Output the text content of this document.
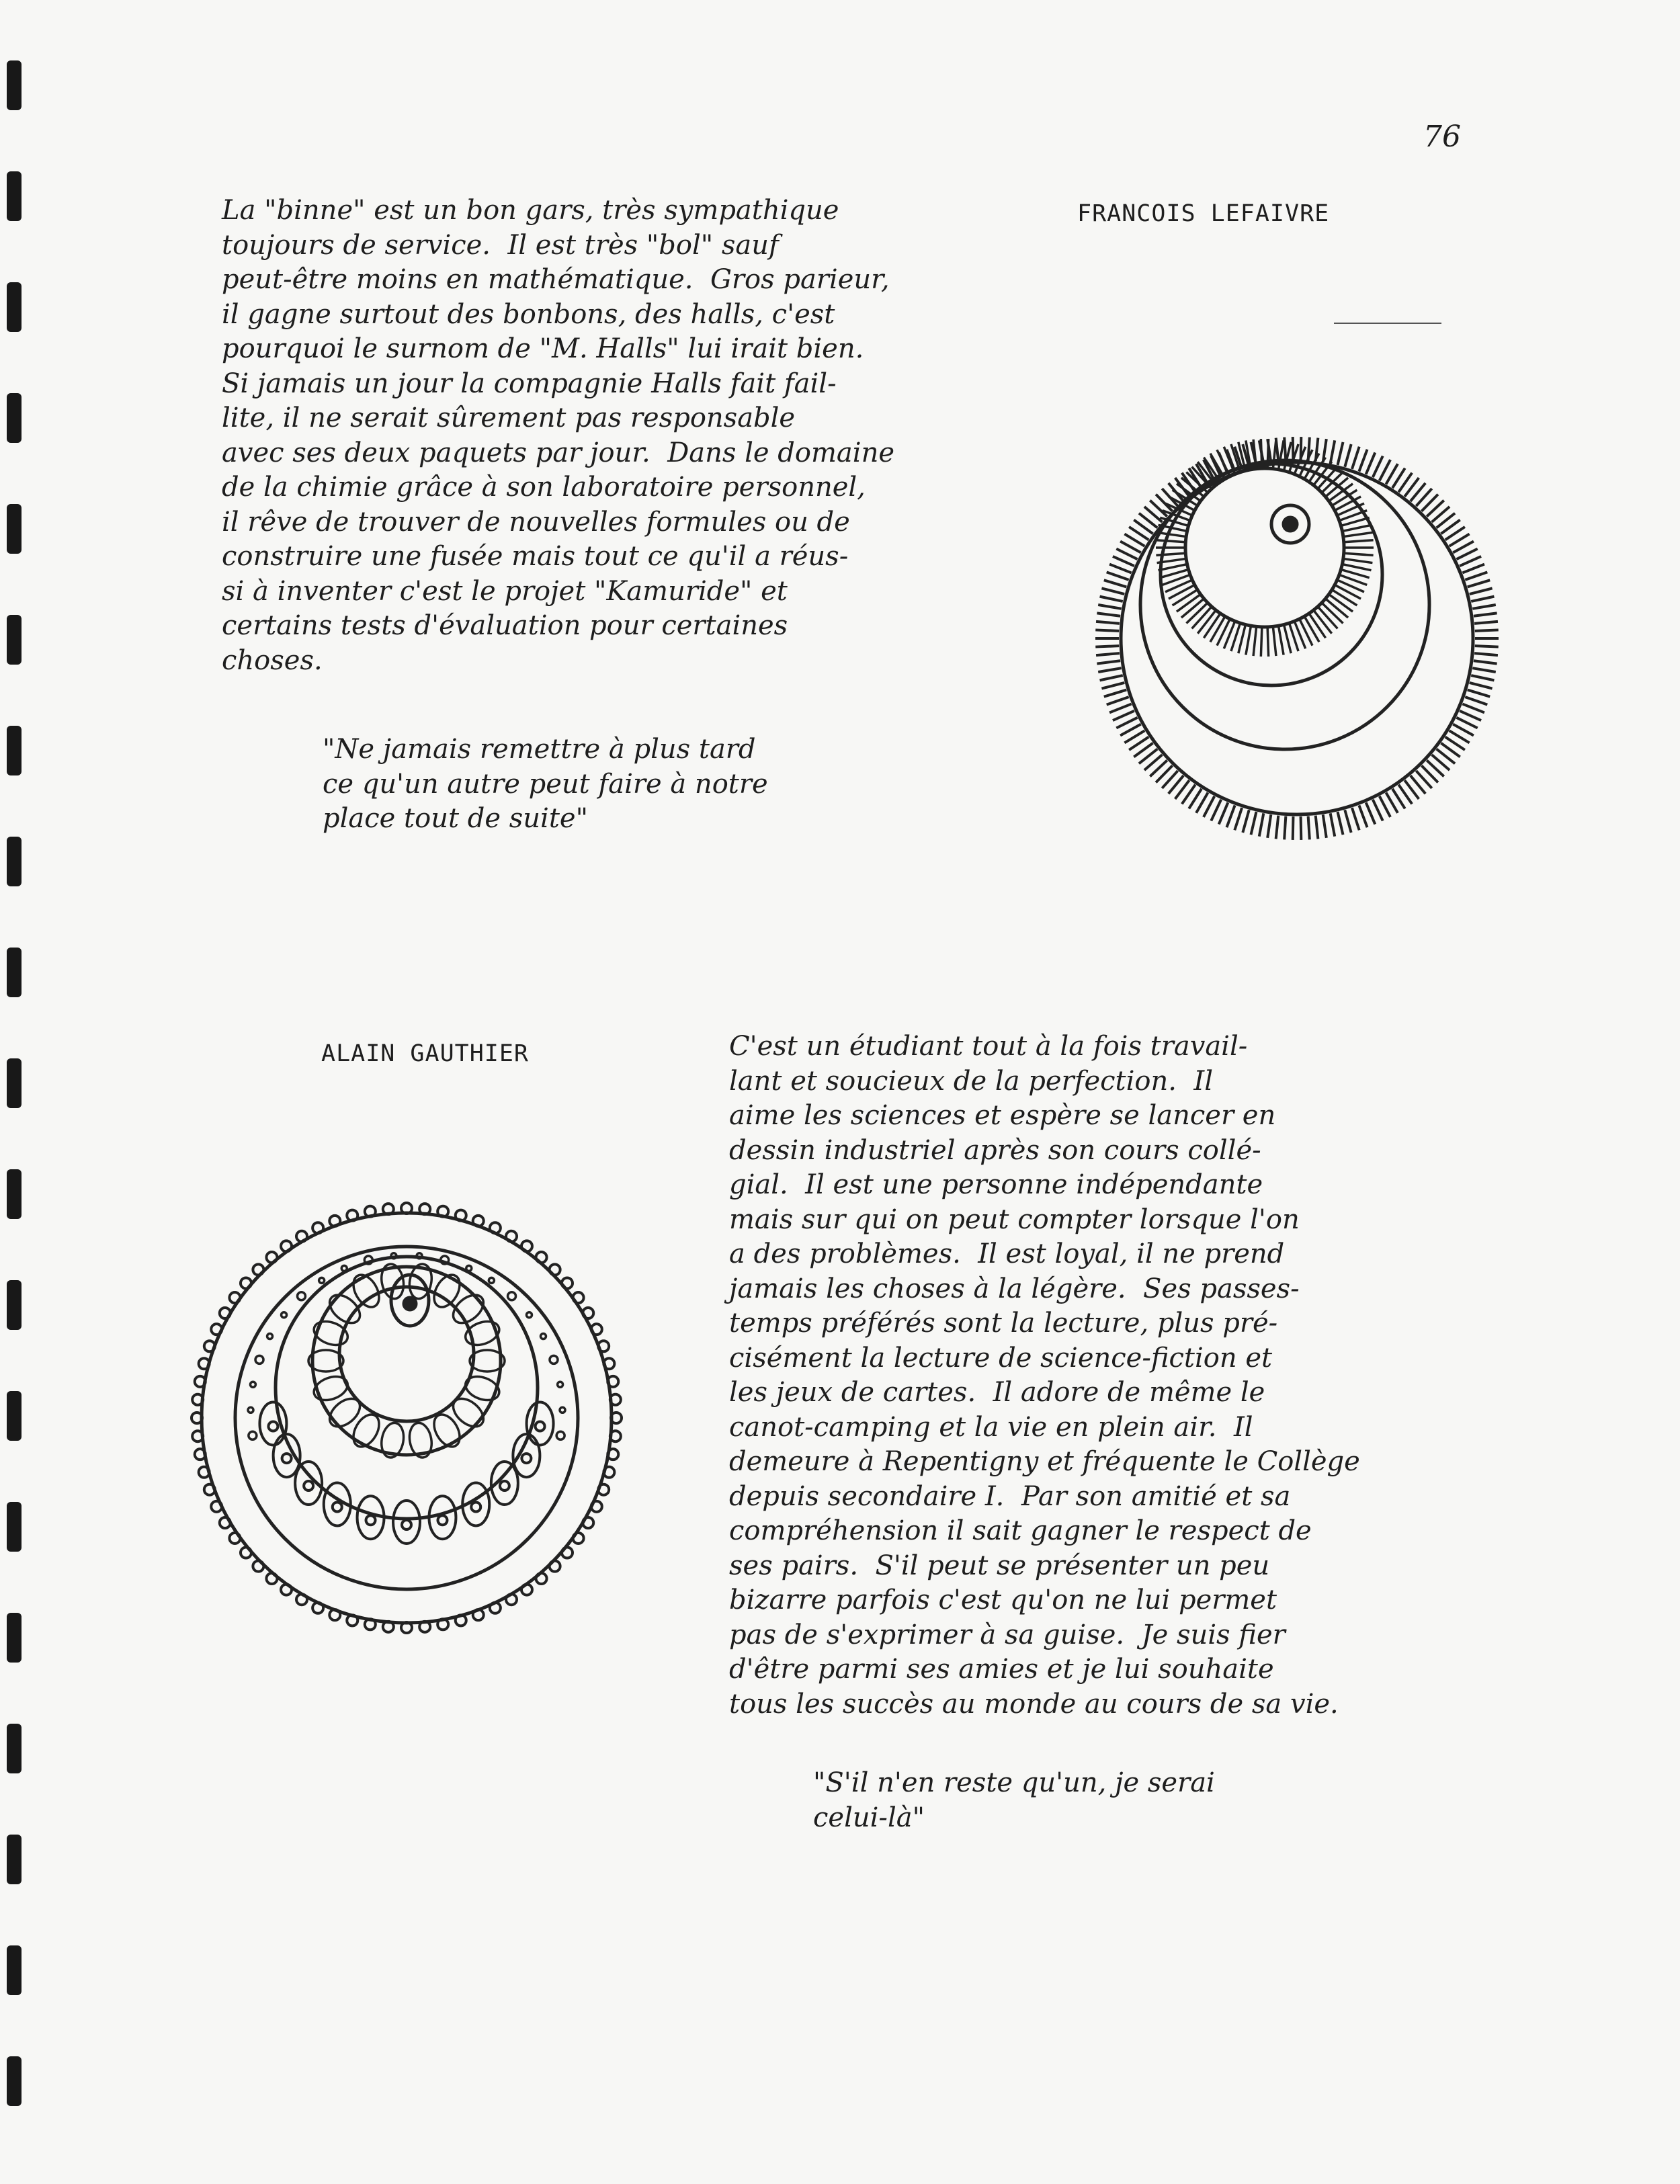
76
FRANCOIS LEFAIVRE
La "binne" est un bon gars, très sympathique
toujours de service.  Il est très "bol" sauf
peut-être moins en mathématique.  Gros parieur,
il gagne surtout des bonbons, des halls, c'est
pourquoi le surnom de "M. Halls" lui irait bien.
Si jamais un jour la compagnie Halls fait fail-
lite, il ne serait sûrement pas responsable
avec ses deux paquets par jour.  Dans le domaine
de la chimie grâce à son laboratoire personnel,
il rêve de trouver de nouvelles formules ou de
construire une fusée mais tout ce qu'il a réus-
si à inventer c'est le projet "Kamuride" et
certains tests d'évaluation pour certaines
choses.
"Ne jamais remettre à plus tard
ce qu'un autre peut faire à notre
place tout de suite"
ALAIN GAUTHIER	C'est un étudiant tout à la fois travail-
lant et soucieux de la perfection.  Il
aime les sciences et espère se lancer en
dessin industriel après son cours collé-
gial.  Il est une personne indépendante
mais sur qui on peut compter lorsque l'on
a des problèmes.  Il est loyal, il ne prend
jamais les choses à la légère.  Ses passes-
temps préférés sont la lecture, plus pré-
cisément la lecture de science-fiction et
les jeux de cartes.  Il adore de même le
canot-camping et la vie en plein air.  Il
demeure à Repentigny et fréquente le Collège
depuis secondaire I.  Par son amitié et sa
compréhension il sait gagner le respect de
ses pairs.  S'il peut se présenter un peu
bizarre parfois c'est qu'on ne lui permet
pas de s'exprimer à sa guise.  Je suis fier
d'être parmi ses amies et je lui souhaite
tous les succès au monde au cours de sa vie.
"S'il n'en reste qu'un, je serai
celui-là"
